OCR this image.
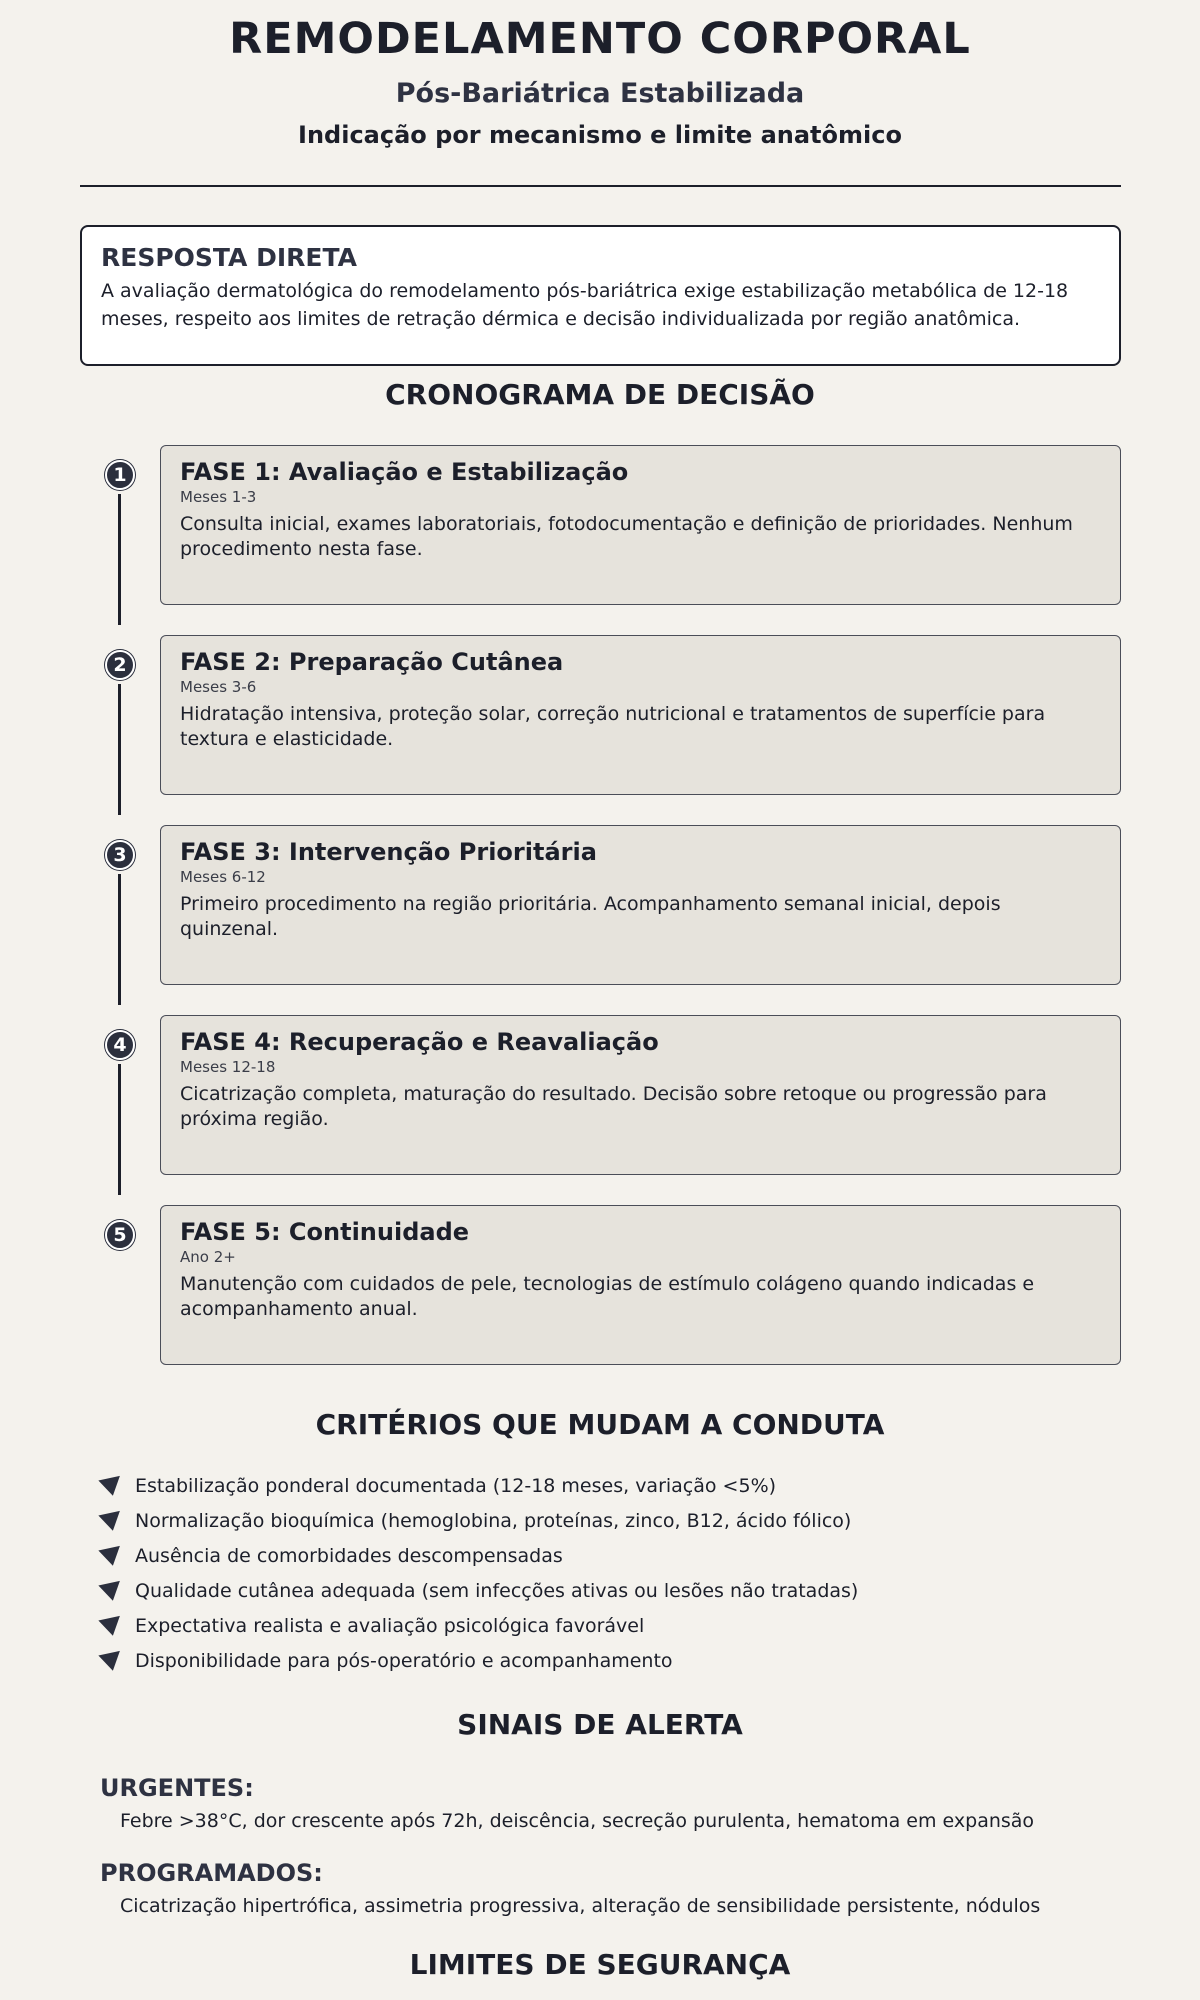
REMODELAMENTO CORPORAL
Pós-Bariátrica Estabilizada
Indicação por mecanismo e limite anatômico
RESPOSTA DIRETA

A avaliação dermatológica do remodelamento pós-bariátrica exige estabilização metabólica de 12-18 meses, respeito aos limites de retração dérmica e decisão individualizada por região anatômica.

CRONOGRAMA DE DECISÃO
1	FASE 1: Avaliação e Estabilização
Meses 1-3

Consulta inicial, exames laboratoriais, fotodocumentação e definição de prioridades. Nenhum procedimento nesta fase.

2	FASE 2: Preparação Cutânea
Meses 3-6

Hidratação intensiva, proteção solar, correção nutricional e tratamentos de superfície para textura e elasticidade.

3	FASE 3: Intervenção Prioritária
Meses 6-12

Primeiro procedimento na região prioritária. Acompanhamento semanal inicial, depois quinzenal.

4	FASE 4: Recuperação e Reavaliação
Meses 12-18

Cicatrização completa, maturação do resultado. Decisão sobre retoque ou progressão para próxima região.

5	FASE 5: Continuidade
Ano 2+

Manutenção com cuidados de pele, tecnologias de estímulo colágeno quando indicadas e acompanhamento anual.

CRITÉRIOS QUE MUDAM A CONDUTA
Estabilização ponderal documentada (12-18 meses, variação <5%)
Normalização bioquímica (hemoglobina, proteínas, zinco, B12, ácido fólico)
Ausência de comorbidades descompensadas
Qualidade cutânea adequada (sem infecções ativas ou lesões não tratadas)
Expectativa realista e avaliação psicológica favorável
Disponibilidade para pós-operatório e acompanhamento
SINAIS DE ALERTA
URGENTES:

Febre >38°C, dor crescente após 72h, deiscência, secreção purulenta, hematoma em expansão

PROGRAMADOS:

Cicatrização hipertrófica, assimetria progressiva, alteração de sensibilidade persistente, nódulos

LIMITES DE SEGURANÇA
